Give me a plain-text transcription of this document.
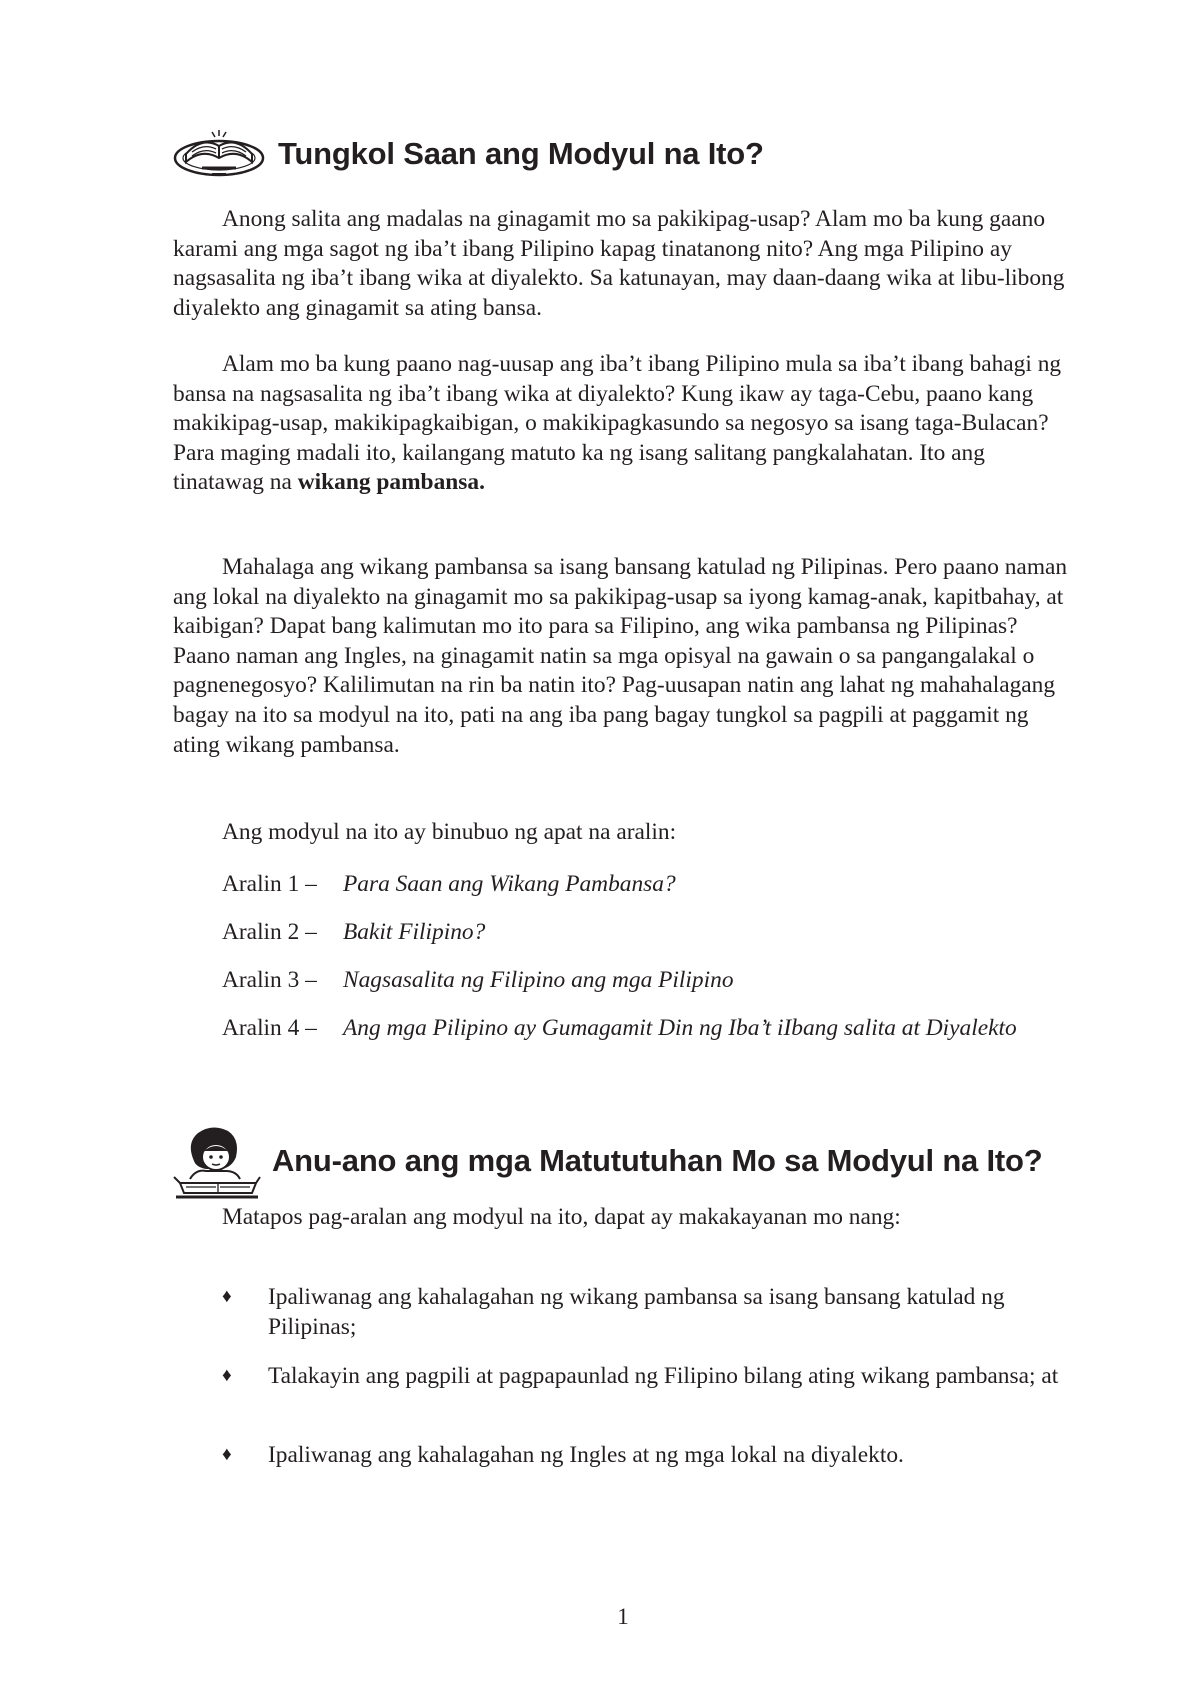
Tungkol Saan ang Modyul na Ito?

Anong salita ang madalas na ginagamit mo sa pakikipag-usap? Alam mo ba kung gaano karami ang mga sagot ng iba’t ibang Pilipino kapag tinatanong nito? Ang mga Pilipino ay nagsasalita ng iba’t ibang wika at diyalekto. Sa katunayan, may daan-daang wika at libu-libong diyalekto ang ginagamit sa ating bansa.

Alam mo ba kung paano nag-uusap ang iba’t ibang Pilipino mula sa iba’t ibang bahagi ng bansa na nagsasalita ng iba’t ibang wika at diyalekto? Kung ikaw ay taga-Cebu, paano kang makikipag-usap, makikipagkaibigan, o makikipagkasundo sa negosyo sa isang taga-Bulacan? Para maging madali ito, kailangang matuto ka ng isang salitang pangkalahatan. Ito ang tinatawag na wikang pambansa.

Mahalaga ang wikang pambansa sa isang bansang katulad ng Pilipinas. Pero paano naman ang lokal na diyalekto na ginagamit mo sa pakikipag-usap sa iyong kamag-anak, kapitbahay, at kaibigan? Dapat bang kalimutan mo ito para sa Filipino, ang wika pambansa ng Pilipinas? Paano naman ang Ingles, na ginagamit natin sa mga opisyal na gawain o sa pangangalakal o pagnenegosyo? Kalilimutan na rin ba natin ito? Pag-uusapan natin ang lahat ng mahahalagang bagay na ito sa modyul na ito, pati na ang iba pang bagay tungkol sa pagpili at paggamit ng ating wikang pambansa.

Ang modyul na ito ay binubuo ng apat na aralin:

Aralin 1 – Para Saan ang Wikang Pambansa?
Aralin 2 – Bakit Filipino?
Aralin 3 – Nagsasalita ng Filipino ang mga Pilipino
Aralin 4 – Ang mga Pilipino ay Gumagamit Din ng Iba’t iIbang salita at Diyalekto
Anu-ano ang mga Matututuhan Mo sa Modyul na Ito?

Matapos pag-aralan ang modyul na ito, dapat ay makakayanan mo nang:

♦ Ipaliwanag ang kahalagahan ng wikang pambansa sa isang bansang katulad ng Pilipinas;
♦ Talakayin ang pagpili at pagpapaunlad ng Filipino bilang ating wikang pambansa; at
♦ Ipaliwanag ang kahalagahan ng Ingles at ng mga lokal na diyalekto.
1
